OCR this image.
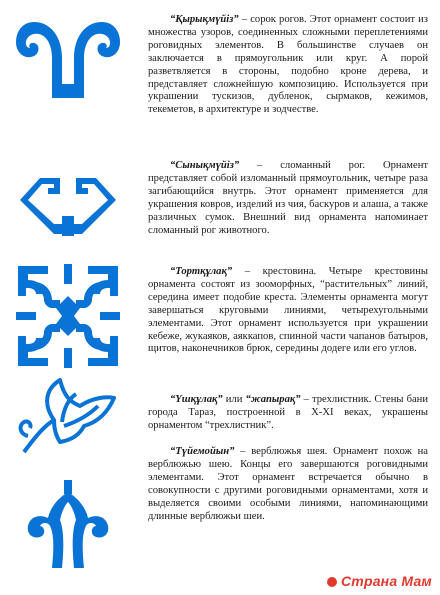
“Қырықмүйіз” – сорок рогов. Этот орнамент состоит из множества узоров, соединенных сложными переплетениями роговидных элементов. В большинстве случаев он заключается в прямоугольник или круг. А порой разветвляется в стороны, подобно кроне дерева, и представляет сложнейшую композицию. Используется при украшении тускизов, дубленок, сырмаков, кежимов, текеметов, в архитектуре и зодчестве.

“Сынықмүйіз” – сломанный рог. Орнамент представляет собой изломанный прямоугольник, четыре раза загибающийся внутрь. Этот орнамент применяется для украшения ковров, изделий из чия, баскуров и алаша, а также различных сумок. Внешний вид орнамента напоминает сломанный рог животного.

“Тортқұлақ” – крестовина. Четыре крестовины орнамента состоят из зооморфных, “растительных” линий, середина имеет подобие креста. Элементы орнамента могут завершаться круговыми линиями, четырехугольными элементами. Этот орнамент используется при украшении кебеже, жукаяков, аяккапов, спинной части чапанов батыров, щитов, наконечников брюк, середины додеге или его углов.

“Үшқұлақ” или “жапырақ” – трехлистник. Стены бани города Тараз, построенной в X-XI веках, украшены орнаментом “трехлистник”.

“Түйемойын” – верблюжья шея. Орнамент похож на верблюжью шею. Концы его завершаются роговидными элементами. Этот орнамент встречается обычно в совокупности с другими роговидными орнаментами, хотя и выделяется своими особыми линиями, напоминающими длинные верблюжьи шеи.

Страна Мам
